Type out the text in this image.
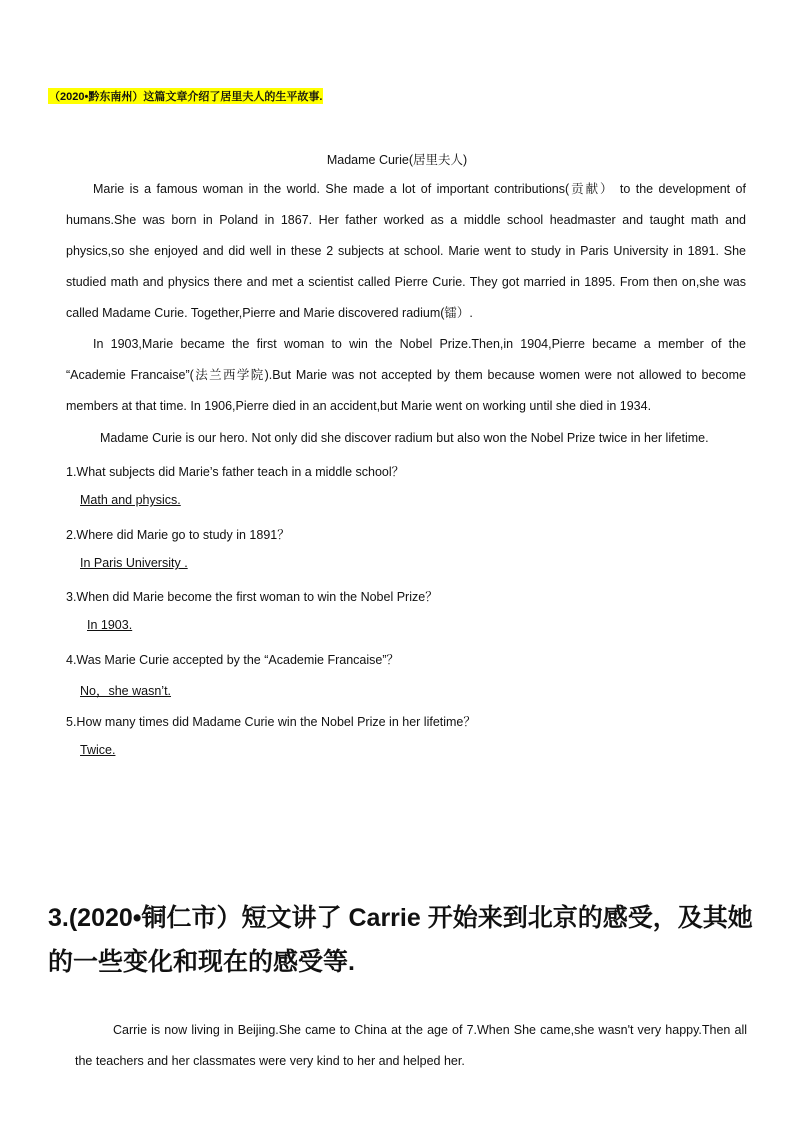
（2020•黔东南州）这篇文章介绍了居里夫人的生平故事.
Madame Curie(居里夫人)

Marie is a famous woman in the world. She made a lot of important contributions(贡献） to the development of humans.She was born in Poland in 1867. Her father worked as a middle school headmaster and taught math and physics,so she enjoyed and did well in these 2 subjects at school. Marie went to study in Paris University in 1891. She studied math and physics there and met a scientist called Pierre Curie. They got married in 1895. From then on,she was called Madame Curie. Together,Pierre and Marie discovered radium(镭）.

In 1903,Marie became the first woman to win the Nobel Prize.Then,in 1904,Pierre became a member of the “Academie Francaise”(法兰西学院).But Marie was not accepted by them because women were not allowed to become members at that time. In 1906,Pierre died in an accident,but Marie went on working until she died in 1934.

Madame Curie is our hero. Not only did she discover radium but also won the Nobel Prize twice in her lifetime.

1.What subjects did Marie’s father teach in a middle school？
Math and physics.
2.Where did Marie go to study in 1891？
In Paris University .
3.When did Marie become the first woman to win the Nobel Prize？
In 1903.
4.Was Marie Curie accepted by the “Academie Francaise”？
No，she wasn’t.
5.How many times did Madame Curie win the Nobel Prize in her lifetime？
Twice.
3.(2020•铜仁市）短文讲了 Carrie 开始来到北京的感受，及其她的一些变化和现在的感受等.

Carrie is now living in Beijing.She came to China at the age of 7.When She came,she wasn't very happy.Then all the teachers and her classmates were very kind to her and helped her.
